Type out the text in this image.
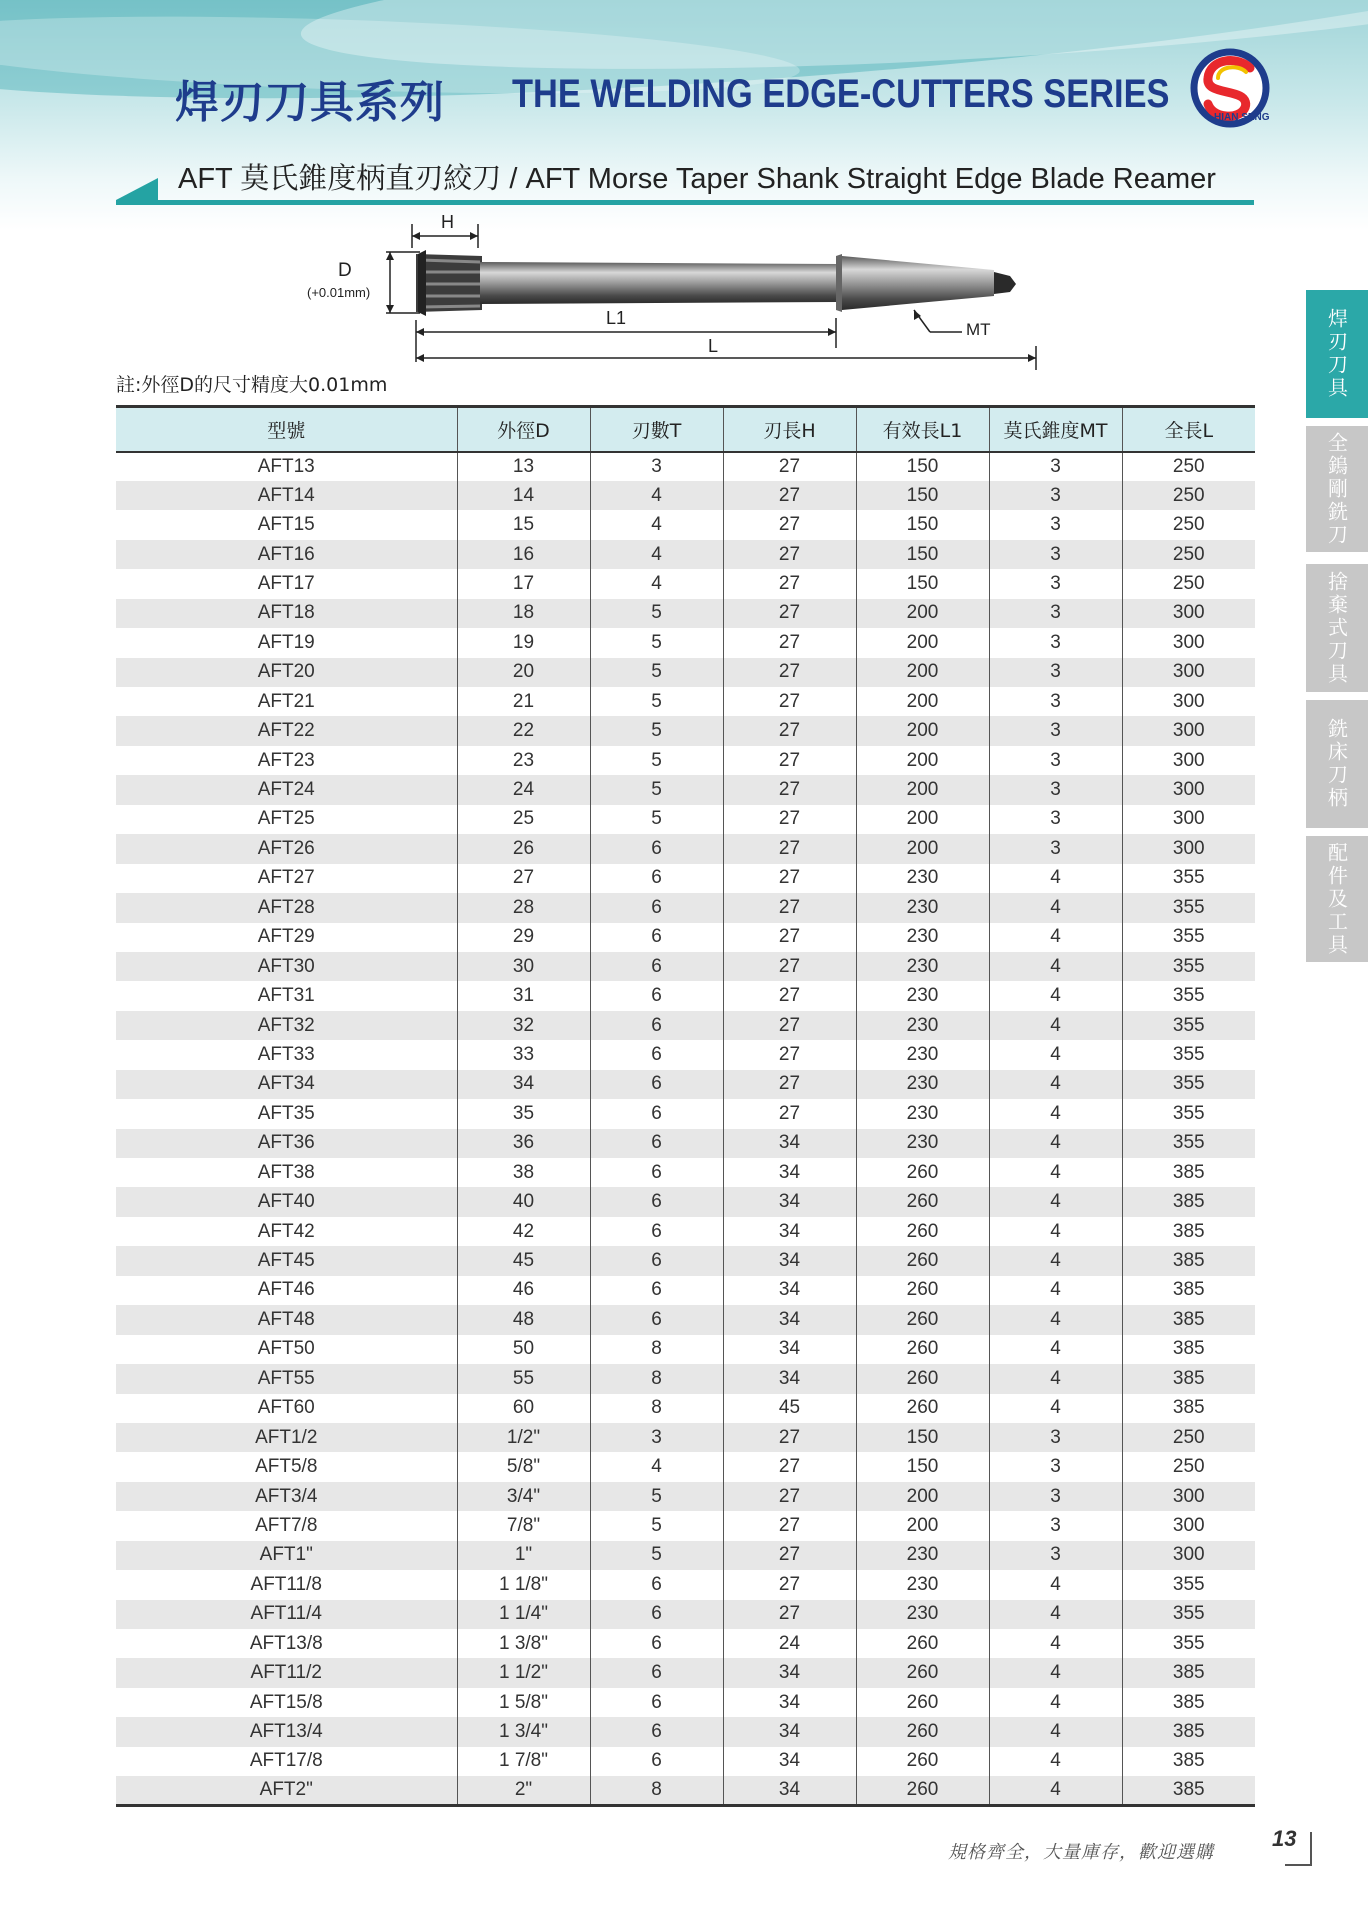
焊刃刀具系列 THE WELDING EDGE-CUTTERS SERIES
HIAN SENG
AFT 莫氏錐度柄直刃絞刀 / AFT Morse Taper Shank Straight Edge Blade Reamer
H
D
(+0.01mm)
L1
L
MT
註:外徑D的尺寸精度大0.01mm
型號	外徑D	刃數T	刃長H	有效長L1	莫氏錐度MT	全長L
AFT13	13	3	27	150	3	250
AFT14	14	4	27	150	3	250
AFT15	15	4	27	150	3	250
AFT16	16	4	27	150	3	250
AFT17	17	4	27	150	3	250
AFT18	18	5	27	200	3	300
AFT19	19	5	27	200	3	300
AFT20	20	5	27	200	3	300
AFT21	21	5	27	200	3	300
AFT22	22	5	27	200	3	300
AFT23	23	5	27	200	3	300
AFT24	24	5	27	200	3	300
AFT25	25	5	27	200	3	300
AFT26	26	6	27	200	3	300
AFT27	27	6	27	230	4	355
AFT28	28	6	27	230	4	355
AFT29	29	6	27	230	4	355
AFT30	30	6	27	230	4	355
AFT31	31	6	27	230	4	355
AFT32	32	6	27	230	4	355
AFT33	33	6	27	230	4	355
AFT34	34	6	27	230	4	355
AFT35	35	6	27	230	4	355
AFT36	36	6	34	230	4	355
AFT38	38	6	34	260	4	385
AFT40	40	6	34	260	4	385
AFT42	42	6	34	260	4	385
AFT45	45	6	34	260	4	385
AFT46	46	6	34	260	4	385
AFT48	48	6	34	260	4	385
AFT50	50	8	34	260	4	385
AFT55	55	8	34	260	4	385
AFT60	60	8	45	260	4	385
AFT1/2	1/2"	3	27	150	3	250
AFT5/8	5/8"	4	27	150	3	250
AFT3/4	3/4"	5	27	200	3	300
AFT7/8	7/8"	5	27	200	3	300
AFT1"	1"	5	27	230	3	300
AFT11/8	1 1/8"	6	27	230	4	355
AFT11/4	1 1/4"	6	27	230	4	355
AFT13/8	1 3/8"	6	24	260	4	355
AFT11/2	1 1/2"	6	34	260	4	385
AFT15/8	1 5/8"	6	34	260	4	385
AFT13/4	1 3/4"	6	34	260	4	385
AFT17/8	1 7/8"	6	34	260	4	385
AFT2"	2"	8	34	260	4	385
焊刃刀具
全鎢剛銑刀
捨棄式刀具
銑床刀柄
配件及工具
規格齊全，大量庫存，歡迎選購
13
